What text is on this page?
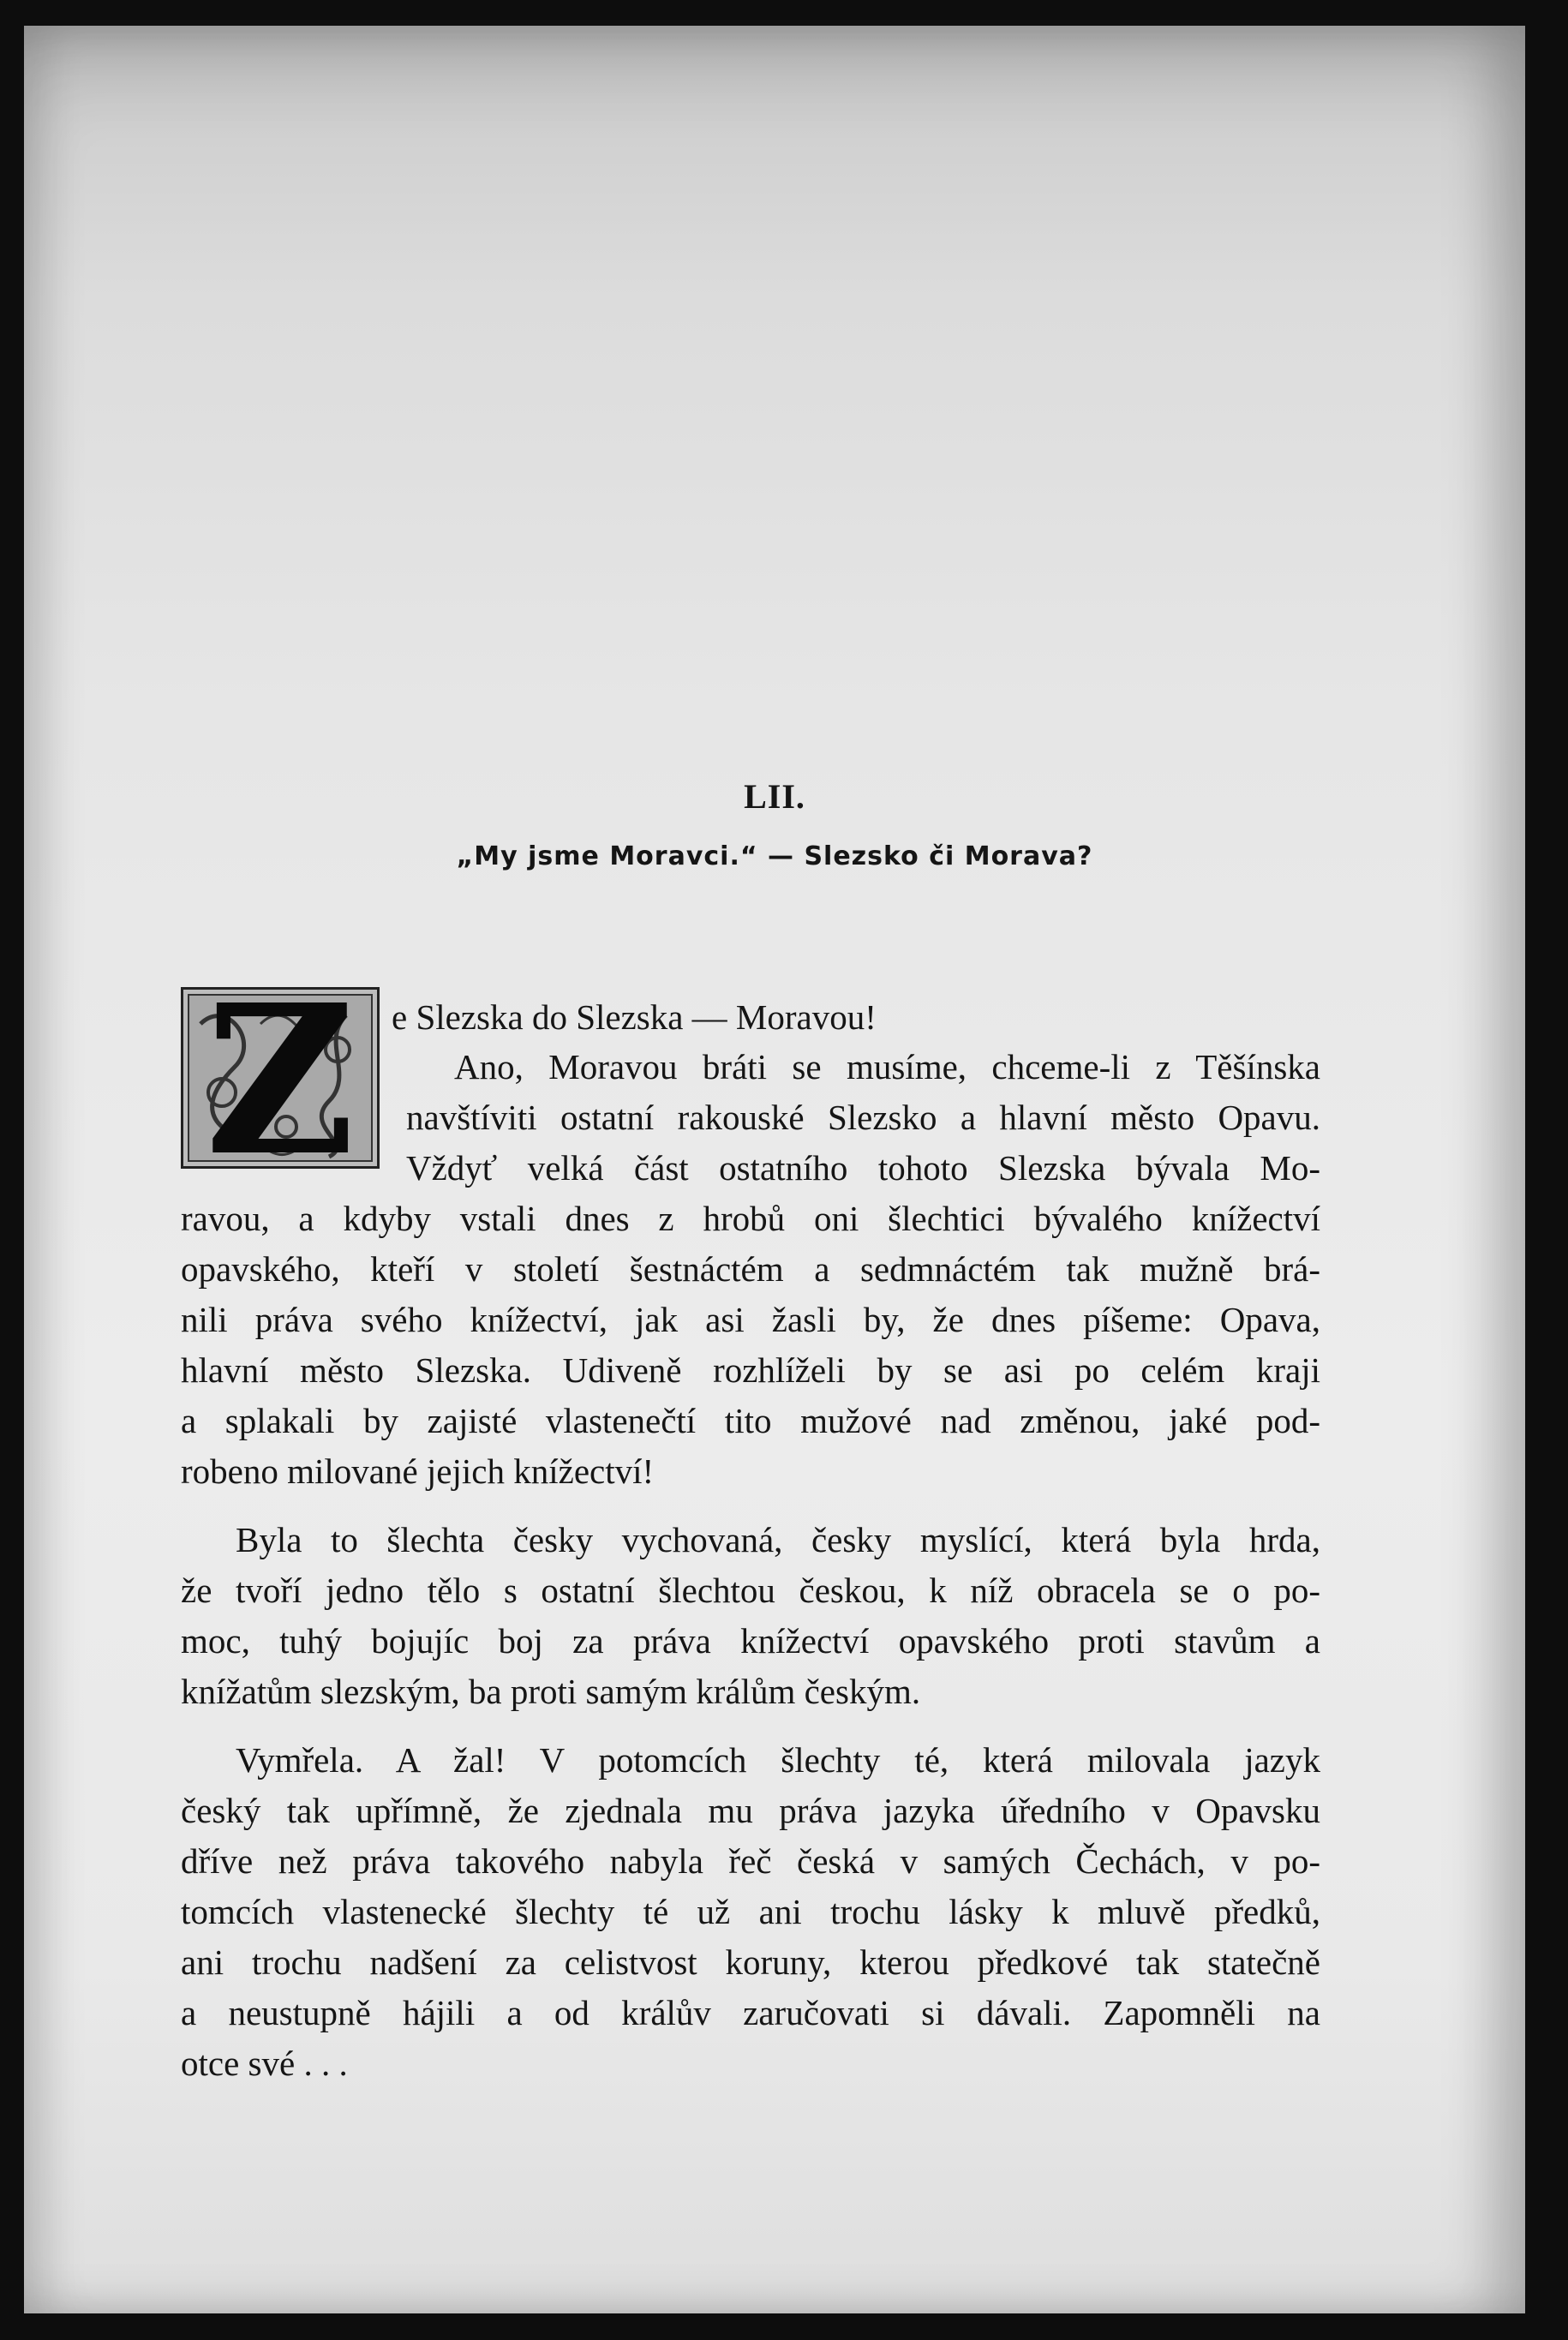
LII.
„My jsme Moravci.“ — Slezsko či Morava?
Z e Slezska do Slezska — Moravou!
Ano, Moravou bráti se musíme, chceme-li z Těšínska
navštíviti ostatní rakouské Slezsko a hlavní město Opavu.
Vždyť velká část ostatního tohoto Slezska bývala Mo-
ravou, a kdyby vstali dnes z hrobů oni šlechtici bývalého knížectví
opavského, kteří v století šestnáctém a sedmnáctém tak mužně brá-
nili práva svého knížectví, jak asi žasli by, že dnes píšeme: Opava,
hlavní město Slezska. Udiveně rozhlíželi by se asi po celém kraji
a splakali by zajisté vlastenečtí tito mužové nad změnou, jaké pod-
robeno milované jejich knížectví!
Byla to šlechta česky vychovaná, česky myslící, která byla hrda,
že tvoří jedno tělo s ostatní šlechtou českou, k níž obracela se o po-
moc, tuhý bojujíc boj za práva knížectví opavského proti stavům a
knížatům slezským, ba proti samým králům českým.
Vymřela. A žal! V potomcích šlechty té, která milovala jazyk
český tak upřímně, že zjednala mu práva jazyka úředního v Opavsku
dříve než práva takového nabyla řeč česká v samých Čechách, v po-
tomcích vlastenecké šlechty té už ani trochu lásky k mluvě předků,
ani trochu nadšení za celistvost koruny, kterou předkové tak statečně
a neustupně hájili a od králův zaručovati si dávali. Zapomněli na
otce své . . .
